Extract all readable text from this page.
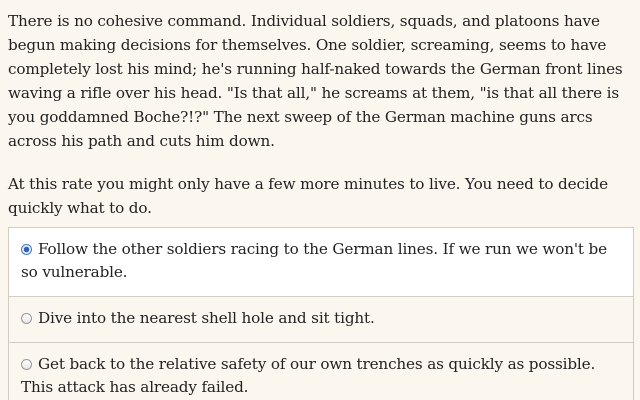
There is no cohesive command. Individual soldiers, squads, and platoons have begun making decisions for themselves. One soldier, screaming, seems to have completely lost his mind; he's running half-naked towards the German front lines waving a rifle over his head. "Is that all," he screams at them, "is that all there is you goddamned Boche?!?" The next sweep of the German machine guns arcs across his path and cuts him down.

At this rate you might only have a few more minutes to live. You need to decide quickly what to do.

Follow the other soldiers racing to the German lines. If we run we won't be so vulnerable.
Dive into the nearest shell hole and sit tight.
Get back to the relative safety of our own trenches as quickly as possible. This attack has already failed.
